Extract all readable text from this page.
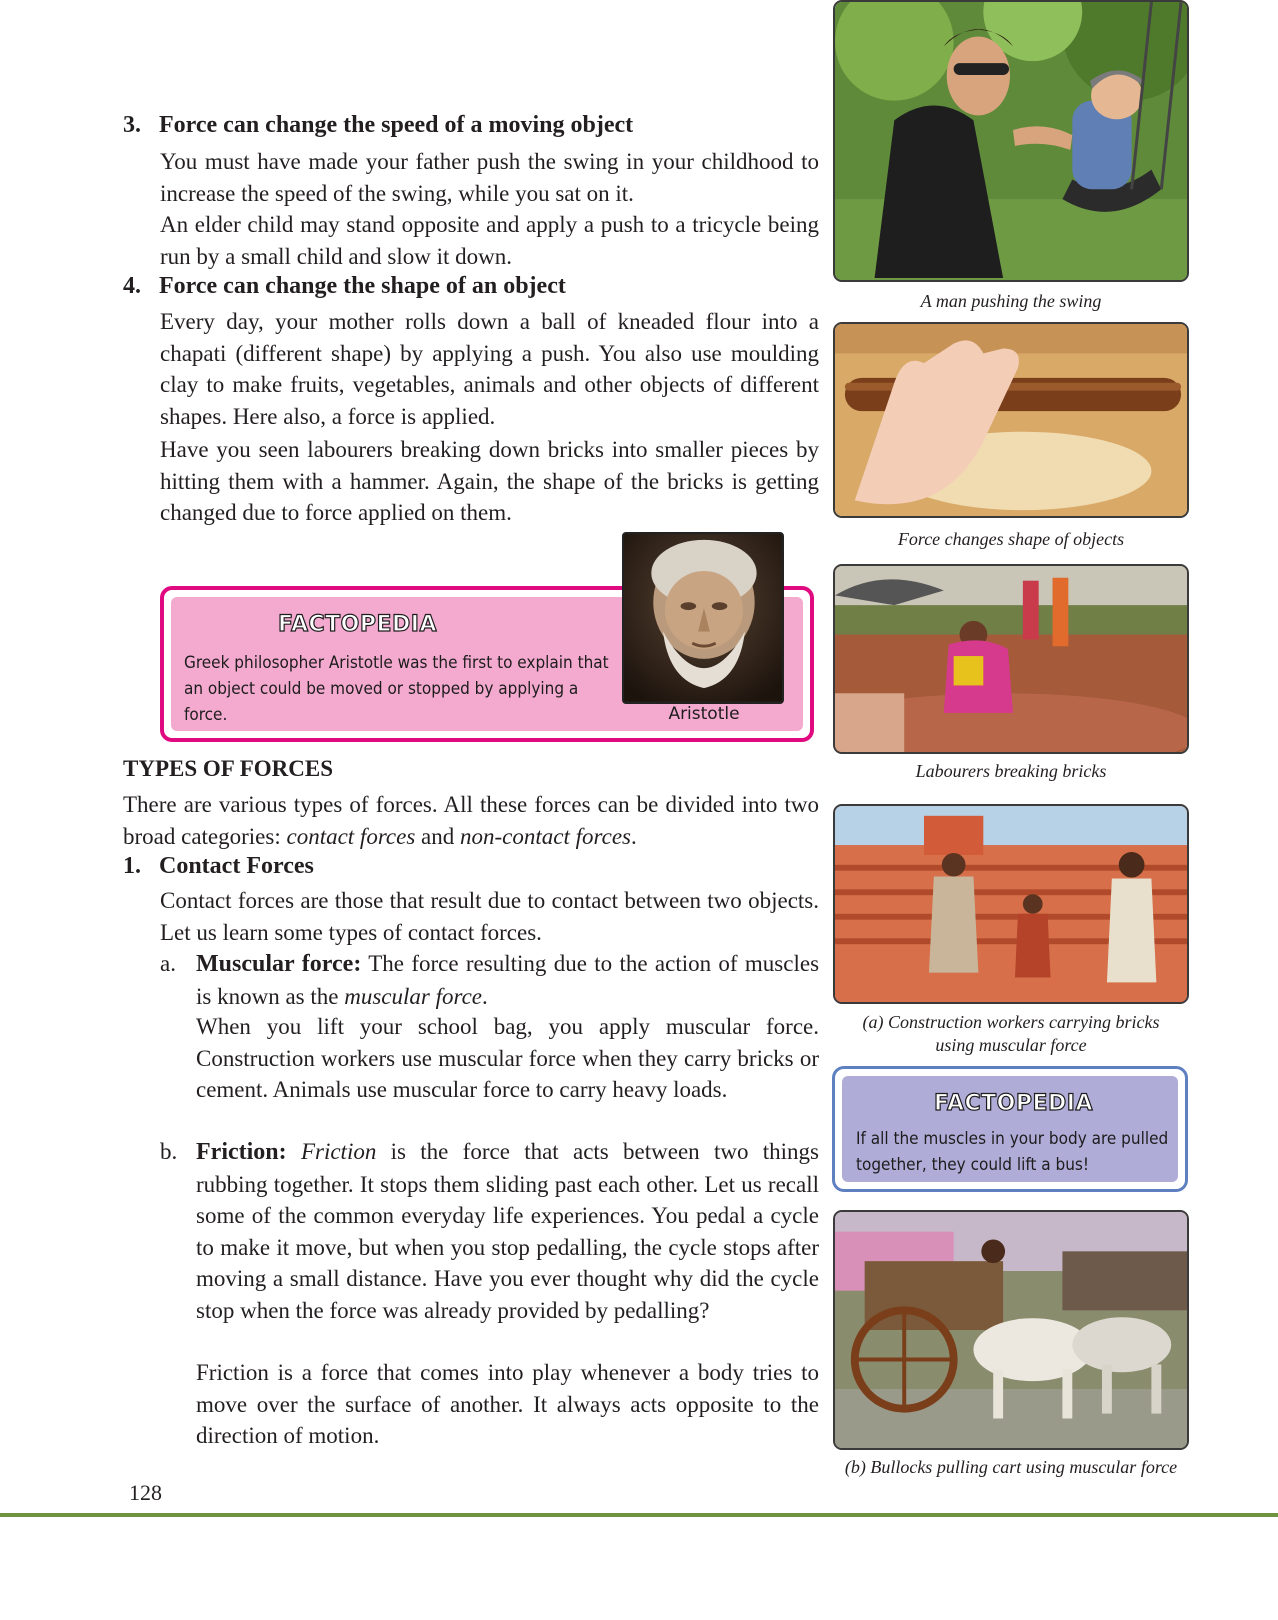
3. Force can change the speed of a moving object

You must have made your father push the swing in your childhood to increase the speed of the swing, while you sat on it.

An elder child may stand opposite and apply a push to a tricycle being run by a small child and slow it down.

4. Force can change the shape of an object

Every day, your mother rolls down a ball of kneaded flour into a chapati (different shape) by applying a push. You also use moulding clay to make fruits, vegetables, animals and other objects of different shapes. Here also, a force is applied.

Have you seen labourers breaking down bricks into smaller pieces by hitting them with a hammer. Again, the shape of the bricks is getting changed due to force applied on them.

FACTOPEDIA
Greek philosopher Aristotle was the first to explain that
an object could be moved or stopped by applying a force.	Aristotle
TYPES OF FORCES

There are various types of forces. All these forces can be divided into two broad categories: contact forces and non-contact forces.

1. Contact Forces

Contact forces are those that result due to contact between two objects. Let us learn some types of contact forces.

a. Muscular force: The force resulting due to the action of muscles is known as the muscular force.

When you lift your school bag, you apply muscular force. Construction workers use muscular force when they carry bricks or cement. Animals use muscular force to carry heavy loads.

b. Friction: Friction is the force that acts between two things rubbing together. It stops them sliding past each other. Let us recall some of the common everyday life experiences. You pedal a cycle to make it move, but when you stop pedalling, the cycle stops after moving a small distance. Have you ever thought why did the cycle stop when the force was already provided by pedalling?

Friction is a force that comes into play whenever a body tries to move over the surface of another. It always acts opposite to the direction of motion.

A man pushing the swing
Force changes shape of objects
Labourers breaking bricks
(a) Construction workers carrying bricks
using muscular force
FACTOPEDIA
If all the muscles in your body are pulled
together, they could lift a bus!
(b) Bullocks pulling cart using muscular force
128
